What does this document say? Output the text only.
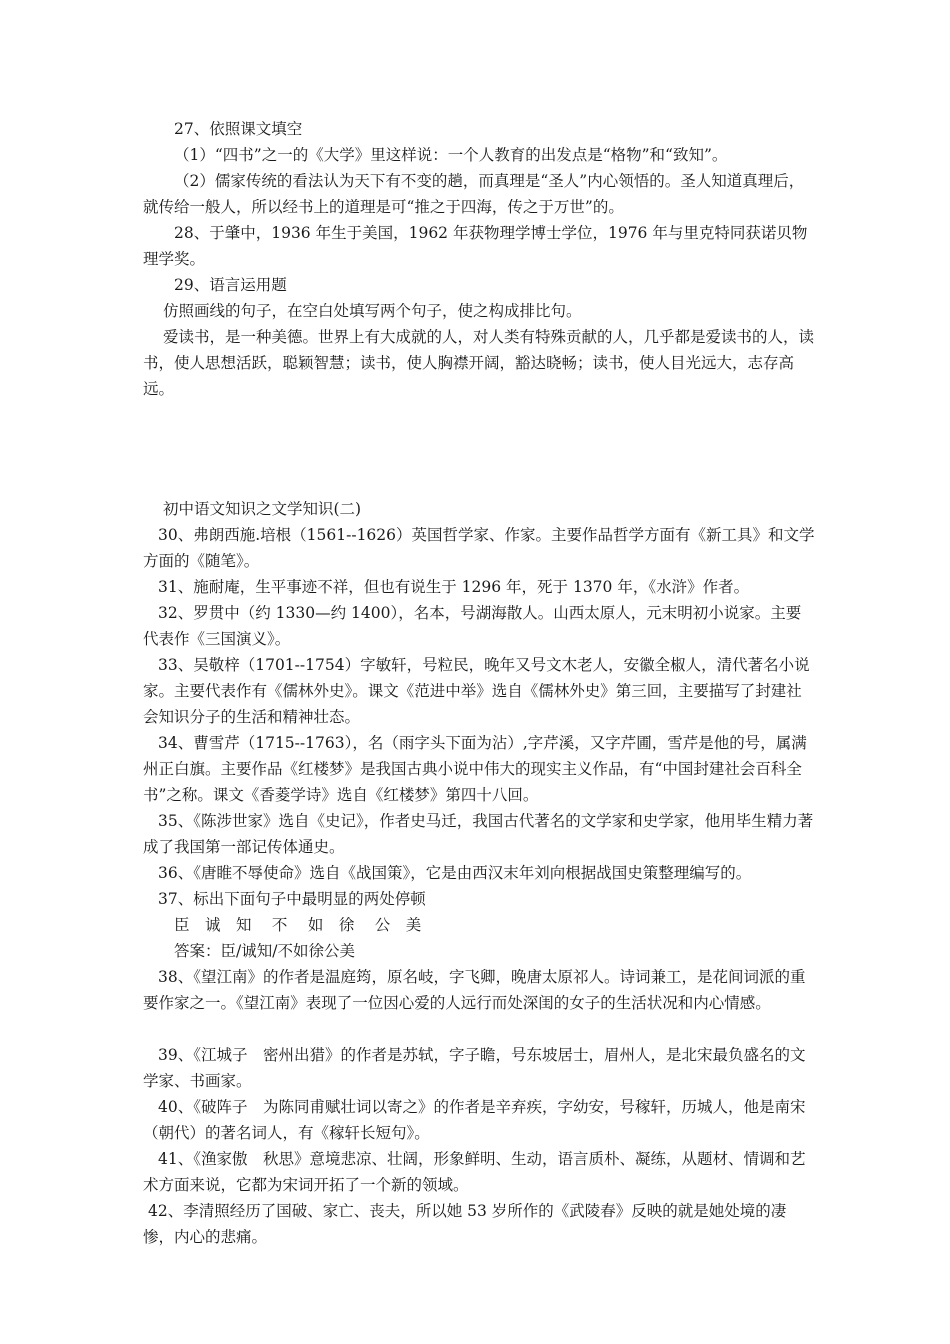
27、依照课文填空

（1）“四书”之一的《大学》里这样说：一个人教育的出发点是“格物”和“致知”。

（2）儒家传统的看法认为天下有不变的趟，而真理是“圣人”内心领悟的。圣人知道真理后，就传给一般人，所以经书上的道理是可“推之于四海，传之于万世”的。

28、于肇中，1936 年生于美国，1962 年获物理学博士学位，1976 年与里克特同获诺贝物理学奖。

29、语言运用题

仿照画线的句子，在空白处填写两个句子，使之构成排比句。

爱读书，是一种美德。世界上有大成就的人，对人类有特殊贡献的人，几乎都是爱读书的人，读书，使人思想活跃，聪颖智慧；读书，使人胸襟开阔，豁达晓畅；读书，使人目光远大，志存高远。

初中语文知识之文学知识(二)

30、弗朗西施.培根（1561--1626）英国哲学家、作家。主要作品哲学方面有《新工具》和文学方面的《随笔》。

31、施耐庵，生平事迹不祥，但也有说生于 1296 年，死于 1370 年，《水浒》作者。

32、罗贯中（约 1330—约 1400），名本，号湖海散人。山西太原人，元末明初小说家。主要代表作《三国演义》。

33、吴敬梓（1701--1754）字敏轩，号粒民，晚年又号文木老人，安徽全椒人，清代著名小说家。主要代表作有《儒林外史》。课文《范进中举》选自《儒林外史》第三回，主要描写了封建社会知识分子的生活和精神壮态。

34、曹雪芹（1715--1763），名（雨字头下面为沾）,字芹溪，又字芹圃，雪芹是他的号，属满州正白旗。主要作品《红楼梦》是我国古典小说中伟大的现实主义作品，有“中国封建社会百科全书”之称。课文《香菱学诗》选自《红楼梦》第四十八回。

35、《陈涉世家》选自《史记》，作者史马迁，我国古代著名的文学家和史学家，他用毕生精力著成了我国第一部记传体通史。

36、《唐睢不辱使命》选自《战国策》，它是由西汉末年刘向根据战国史策整理编写的。

37、标出下面句子中最明显的两处停顿

臣　诚　知　 不　 如　徐　 公　美

答案：臣/诚知/不如徐公美

38、《望江南》的作者是温庭筠，原名岐，字飞卿，晚唐太原祁人。诗词兼工，是花间词派的重要作家之一。《望江南》表现了一位因心爱的人远行而处深闺的女子的生活状况和内心情感。

39、《江城子　密州出猎》的作者是苏轼，字子瞻，号东坡居士，眉州人，是北宋最负盛名的文学家、书画家。

40、《破阵子　为陈同甫赋壮词以寄之》的作者是辛弃疾，字幼安，号稼轩，历城人，他是南宋（朝代）的著名词人，有《稼轩长短句》。

41、《渔家傲　秋思》意境悲凉、壮阔，形象鲜明、生动，语言质朴、凝练，从题材、情调和艺术方面来说，它都为宋词开拓了一个新的领域。

42、李清照经历了国破、家亡、丧夫，所以她 53 岁所作的《武陵春》反映的就是她处境的凄惨，内心的悲痛。
